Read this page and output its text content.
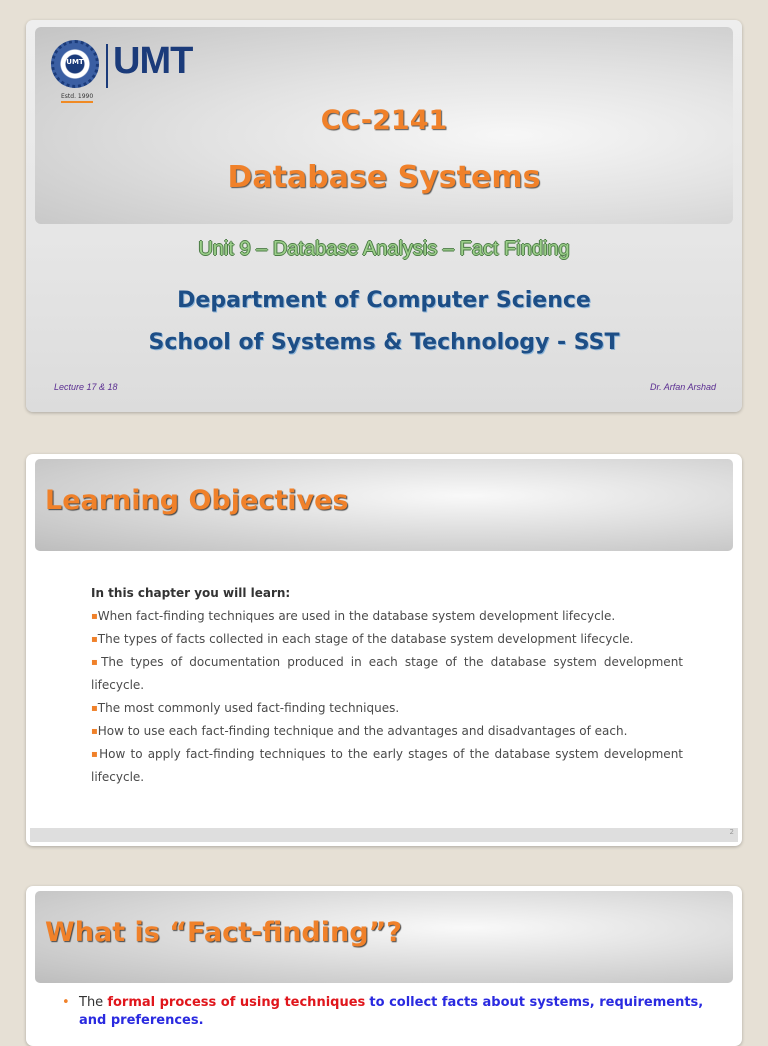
UMT UMT
Estd. 1990
CC-2141
Database Systems
Unit 9 – Database Analysis – Fact Finding
Department of Computer Science
School of Systems & Technology - SST
Lecture 17 & 18	Dr. Arfan Arshad
Learning Objectives
In this chapter you will learn:
▪When fact-finding techniques are used in the database system development lifecycle.
▪The types of facts collected in each stage of the database system development lifecycle.
▪The types of documentation produced in each stage of the database system development lifecycle.
▪The most commonly used fact-finding techniques.
▪How to use each fact-finding technique and the advantages and disadvantages of each.
▪How to apply fact-finding techniques to the early stages of the database system development lifecycle.
2
What is “Fact-finding”?
• The formal process of using techniques to collect facts about systems, requirements, and preferences.
